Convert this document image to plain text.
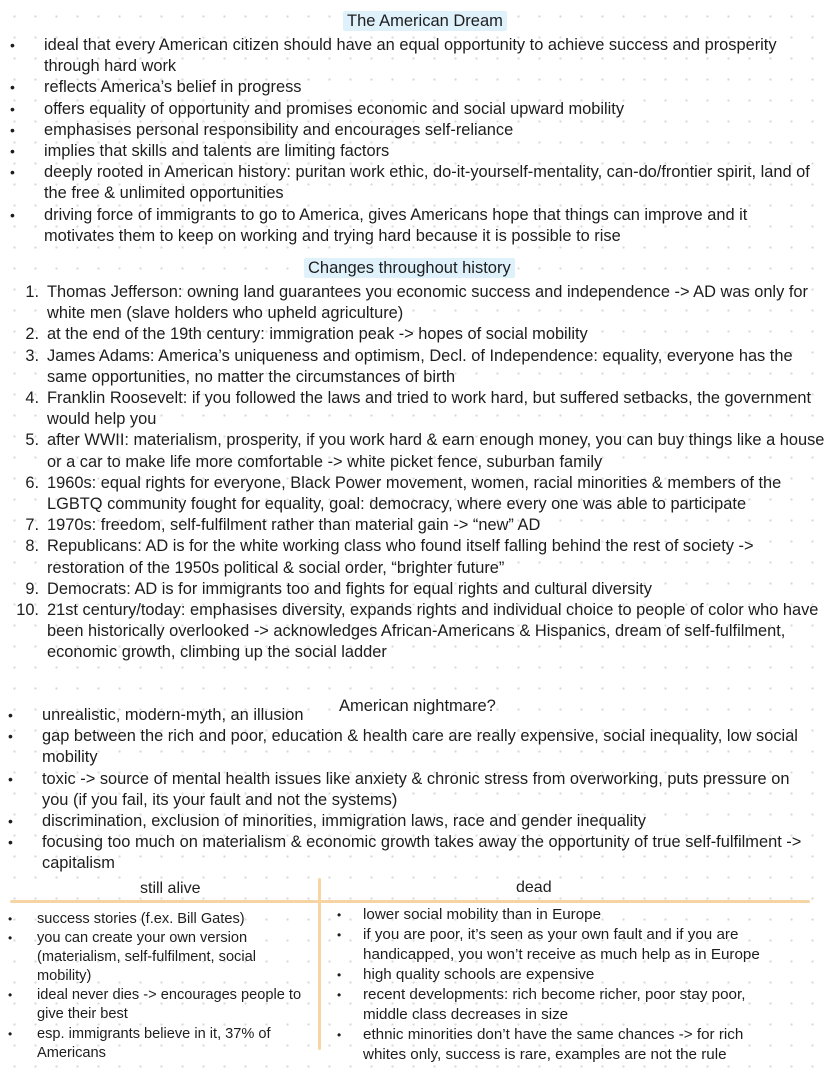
The American Dream
• ideal that every American citizen should have an equal opportunity to achieve success and prosperity through hard work
• reflects America’s belief in progress
• offers equality of opportunity and promises economic and social upward mobility
• emphasises personal responsibility and encourages self-reliance
• implies that skills and talents are limiting factors
• deeply rooted in American history: puritan work ethic, do-it-yourself-mentality, can-do/frontier spirit, land of the free & unlimited opportunities
• driving force of immigrants to go to America, gives Americans hope that things can improve and it motivates them to keep on working and trying hard because it is possible to rise
Changes throughout history
1. Thomas Jefferson: owning land guarantees you economic success and independence -> AD was only for white men (slave holders who upheld agriculture)
2. at the end of the 19th century: immigration peak -> hopes of social mobility
3. James Adams: America’s uniqueness and optimism, Decl. of Independence: equality, everyone has the same opportunities, no matter the circumstances of birth
4. Franklin Roosevelt: if you followed the laws and tried to work hard, but suffered setbacks, the government would help you
5. after WWII: materialism, prosperity, if you work hard & earn enough money, you can buy things like a house or a car to make life more comfortable -> white picket fence, suburban family
6. 1960s: equal rights for everyone, Black Power movement, women, racial minorities & members of the LGBTQ community fought for equality, goal: democracy, where every one was able to participate
7. 1970s: freedom, self-fulfilment rather than material gain -> “new” AD
8. Republicans: AD is for the white working class who found itself falling behind the rest of society -> restoration of the 1950s political & social order, “brighter future”
9. Democrats: AD is for immigrants too and fights for equal rights and cultural diversity
10. 21st century/today: emphasises diversity, expands rights and individual choice to people of color who have been historically overlooked -> acknowledges African-Americans & Hispanics, dream of self-fulfilment, economic growth, climbing up the social ladder
American nightmare?
• unrealistic, modern-myth, an illusion
• gap between the rich and poor, education & health care are really expensive, social inequality, low social mobility
• toxic -> source of mental health issues like anxiety & chronic stress from overworking, puts pressure on you (if you fail, its your fault and not the systems)
• discrimination, exclusion of minorities, immigration laws, race and gender inequality
• focusing too much on materialism & economic growth takes away the opportunity of true self-fulfilment -> capitalism
still alive	dead
• success stories (f.ex. Bill Gates)
• you can create your own version (materialism, self-fulfilment, social mobility)
• ideal never dies -> encourages people to give their best
• esp. immigrants believe in it, 37% of Americans
• lower social mobility than in Europe
• if you are poor, it’s seen as your own fault and if you are handicapped, you won’t receive as much help as in Europe
• high quality schools are expensive
• recent developments: rich become richer, poor stay poor, middle class decreases in size
• ethnic minorities don’t have the same chances -> for rich whites only, success is rare, examples are not the rule
